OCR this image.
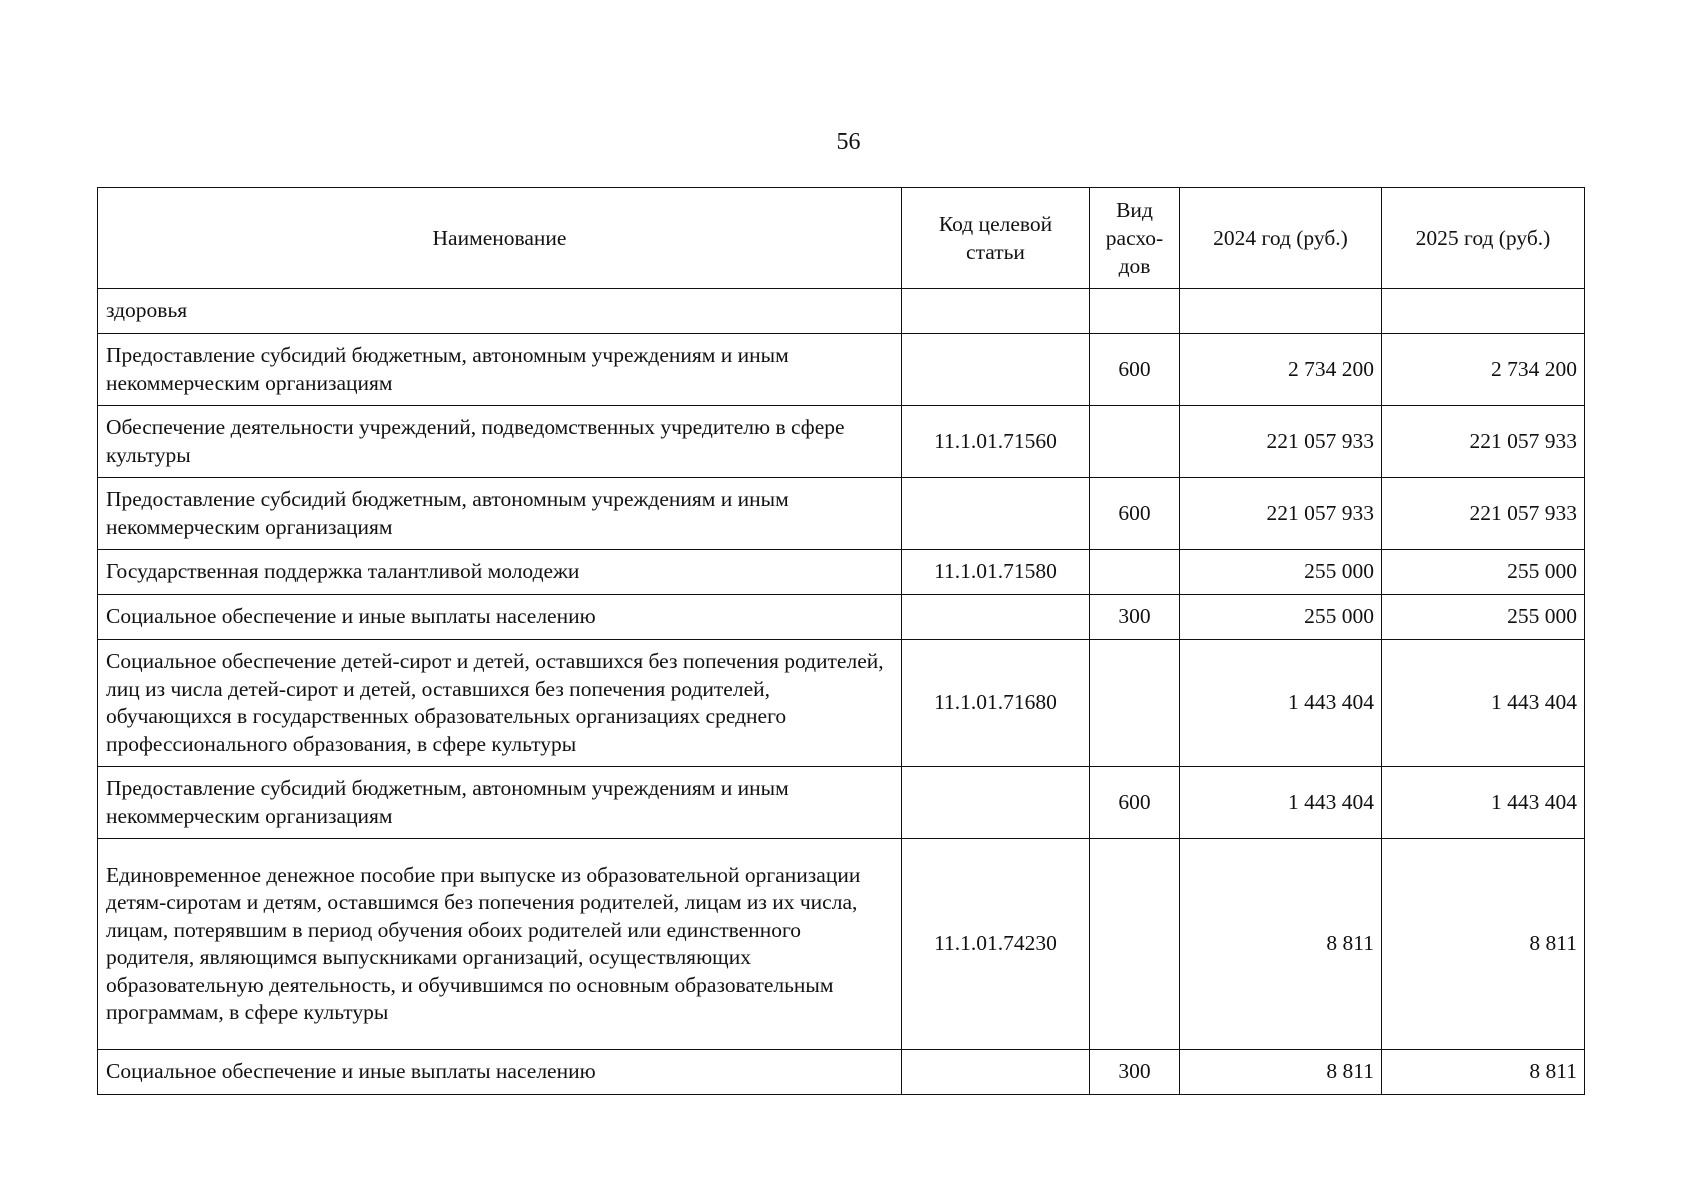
56
Наименование	Код целевой статьи	Вид расхо-дов	2024 год (руб.)	2025 год (руб.)
здоровья				
Предоставление субсидий бюджетным, автономным учреждениям и иным некоммерческим организациям		600	2 734 200	2 734 200
Обеспечение деятельности учреждений, подведомственных учредителю в сфере культуры	11.1.01.71560		221 057 933	221 057 933
Предоставление субсидий бюджетным, автономным учреждениям и иным некоммерческим организациям		600	221 057 933	221 057 933
Государственная поддержка талантливой молодежи	11.1.01.71580		255 000	255 000
Социальное обеспечение и иные выплаты населению		300	255 000	255 000
Социальное обеспечение детей-сирот и детей, оставшихся без попечения родителей, лиц из числа детей-сирот и детей, оставшихся без попечения родителей, обучающихся в государственных образовательных организациях среднего профессионального образования, в сфере культуры	11.1.01.71680		1 443 404	1 443 404
Предоставление субсидий бюджетным, автономным учреждениям и иным некоммерческим организациям		600	1 443 404	1 443 404
Единовременное денежное пособие при выпуске из образовательной организации детям-сиротам и детям, оставшимся без попечения родителей, лицам из их числа, лицам, потерявшим в период обучения обоих родителей или единственного родителя, являющимся выпускниками организаций, осуществляющих образовательную деятельность, и обучившимся по основным образовательным программам, в сфере культуры	11.1.01.74230		8 811	8 811
Социальное обеспечение и иные выплаты населению		300	8 811	8 811
